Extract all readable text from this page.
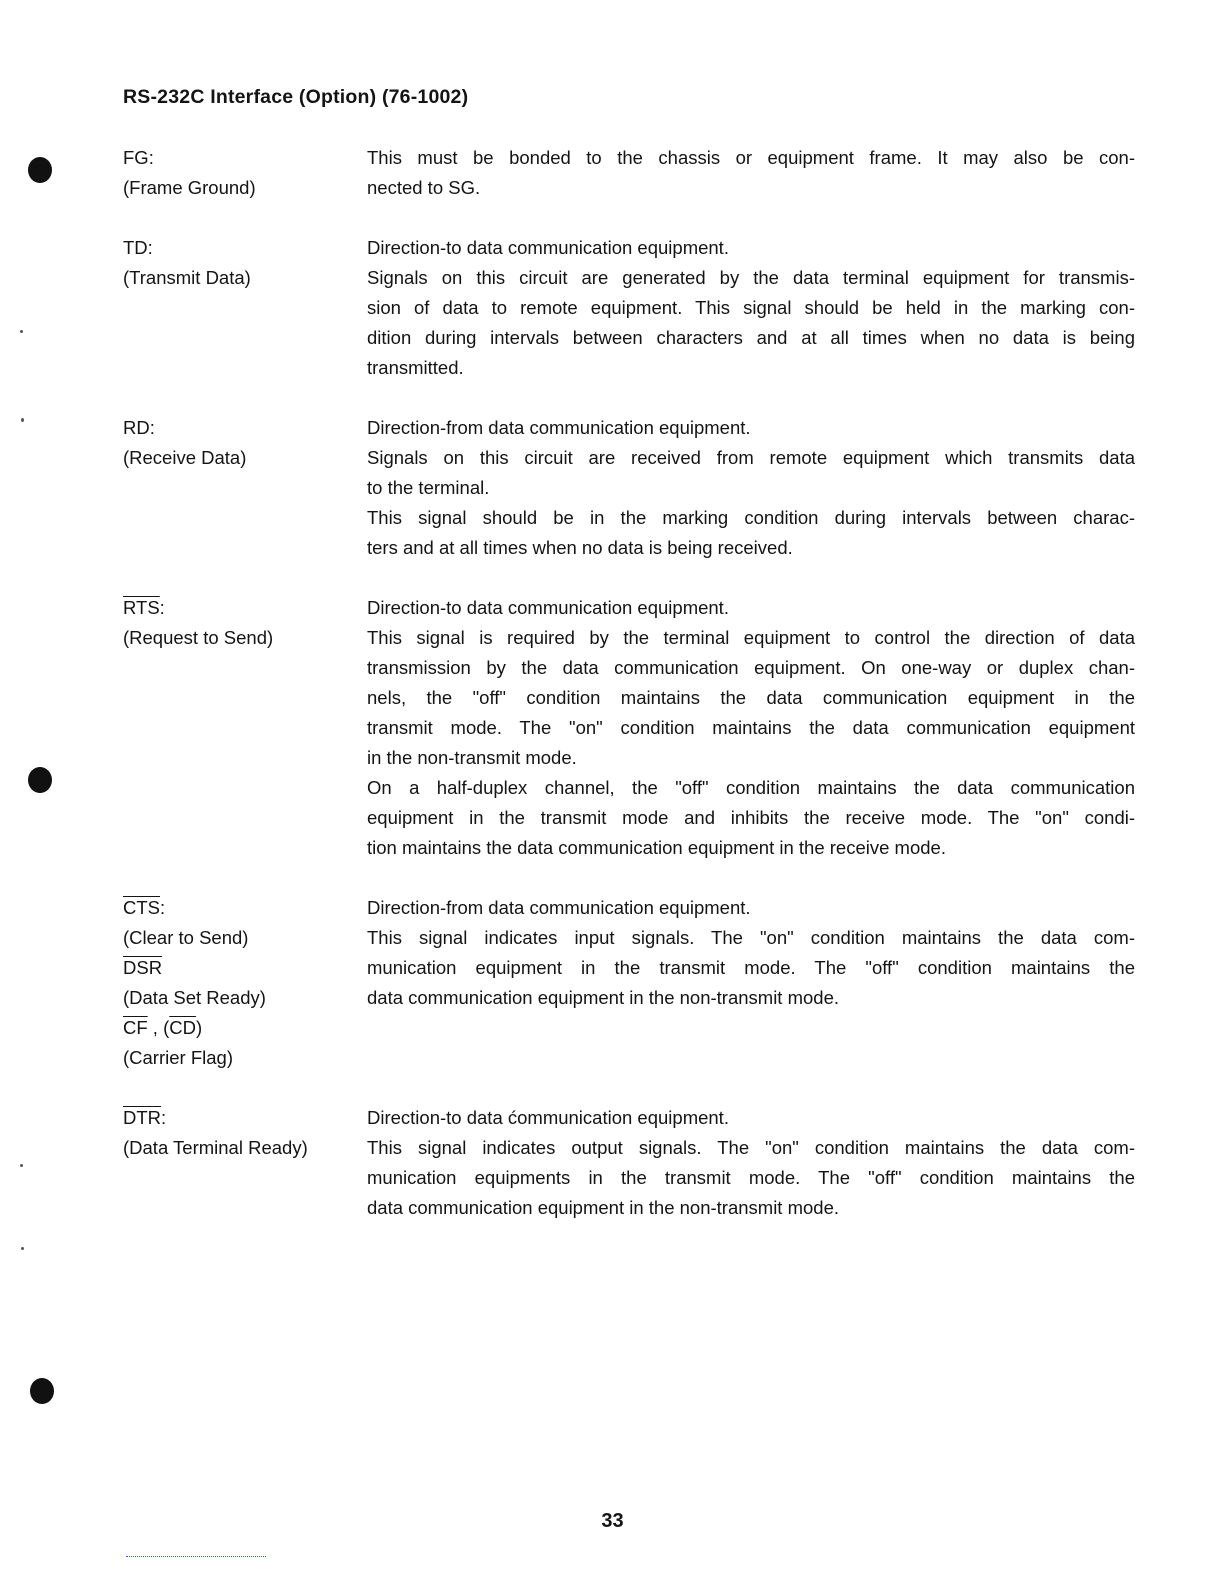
RS-232C Interface (Option) (76-1002)
FG:
(Frame Ground)
This must be bonded to the chassis or equipment frame. It may also be con-
nected to SG.
TD:
(Transmit Data)
Direction-to data communication equipment.
Signals on this circuit are generated by the data terminal equipment for transmis-
sion of data to remote equipment. This signal should be held in the marking con-
dition during intervals between characters and at all times when no data is being
transmitted.
RD:
(Receive Data)
Direction-from data communication equipment.
Signals on this circuit are received from remote equipment which transmits data
to the terminal.
This signal should be in the marking condition during intervals between charac-
ters and at all times when no data is being received.
$\overline{RTS}$:
(Request to Send)
Direction-to data communication equipment.
This signal is required by the terminal equipment to control the direction of data
transmission by the data communication equipment. On one-way or duplex chan-
nels, the "off" condition maintains the data communication equipment in the
transmit mode. The "on" condition maintains the data communication equipment
in the non-transmit mode.
On a half-duplex channel, the "off" condition maintains the data communication
equipment in the transmit mode and inhibits the receive mode. The "on" condi-
tion maintains the data communication equipment in the receive mode.
$\overline{CTS}$:
(Clear to Send)
$\overline{DSR}$
(Data Set Ready)
$\overline{CF}$ , $(\overline{CD})$
(Carrier Flag)
Direction-from data communication equipment.
This signal indicates input signals. The "on" condition maintains the data com-
munication equipment in the transmit mode. The "off" condition maintains the
data communication equipment in the non-transmit mode.
$\overline{DTR}$:
(Data Terminal Ready)
Direction-to data ćommunication equipment.
This signal indicates output signals. The "on" condition maintains the data com-
munication equipments in the transmit mode. The "off" condition maintains the
data communication equipment in the non-transmit mode.
33
